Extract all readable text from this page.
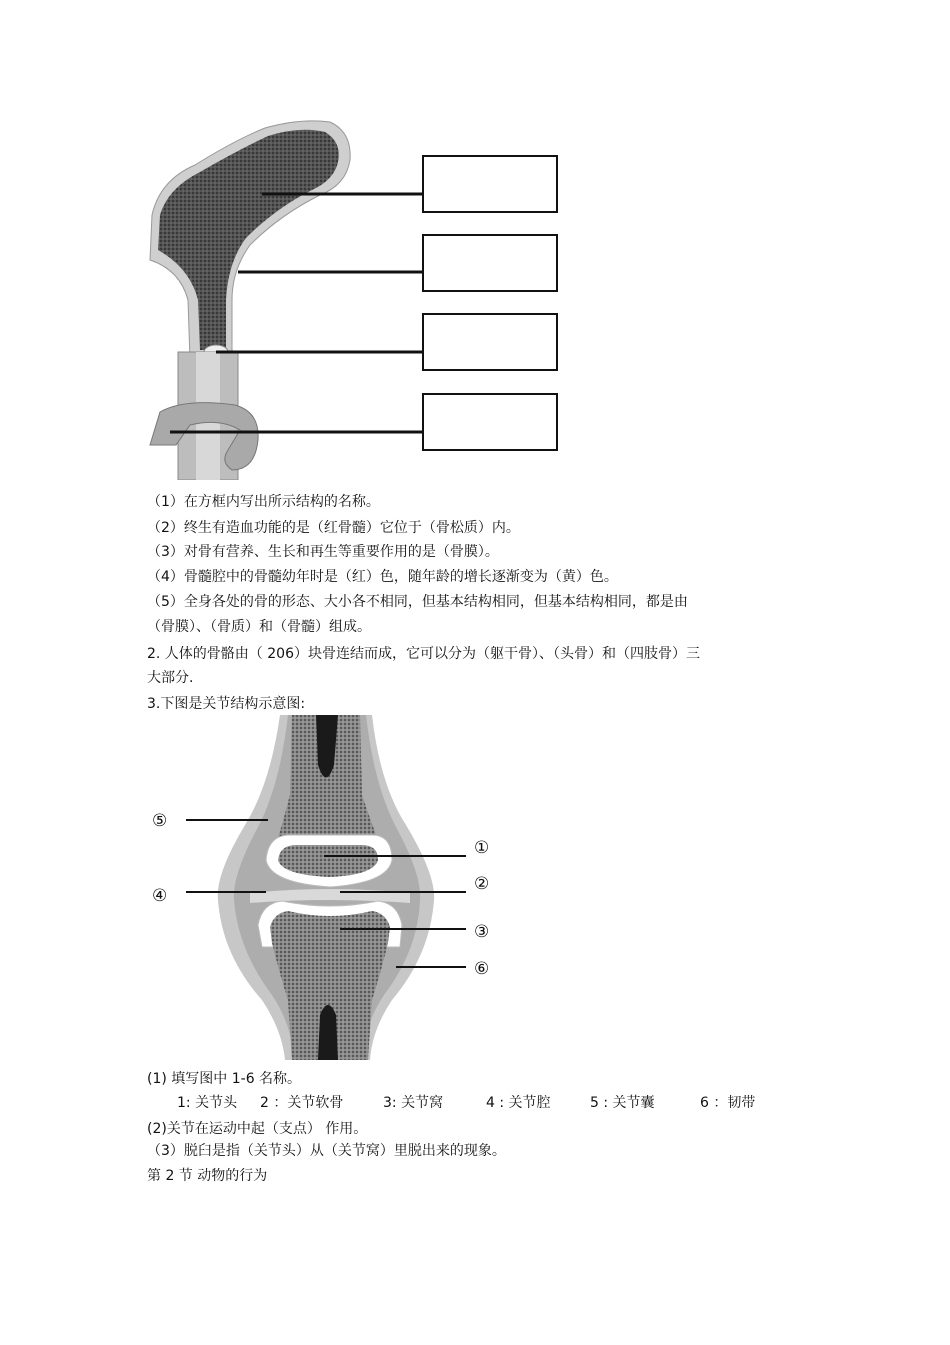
（1）在方框内写出所示结构的名称。
（2）终生有造血功能的是（红骨髓）它位于（骨松质）内。
（3）对骨有营养、生长和再生等重要作用的是（骨膜）。
（4）骨髓腔中的骨髓幼年时是（红）色，随年龄的增长逐渐变为（黄）色。
（5）全身各处的骨的形态、大小各不相同，但基本结构相同，但基本结构相同，都是由
（骨膜）、（骨质）和（骨髓）组成。
2. 人体的骨骼由（ 206）块骨连结而成，它可以分为（躯干骨）、（头骨）和（四肢骨）三
大部分.
3.下图是关节结构示意图:
⑤
①
②
④
③
⑥
(1) 填写图中 1-6 名称。
1: 关节头 2 ：关节软骨	3: 关节窝	4 : 关节腔	5 : 关节囊	6 ：韧带
(2)关节在运动中起（支点） 作用。
（3）脱臼是指（关节头）从（关节窝）里脱出来的现象。
第 2 节 动物的行为
